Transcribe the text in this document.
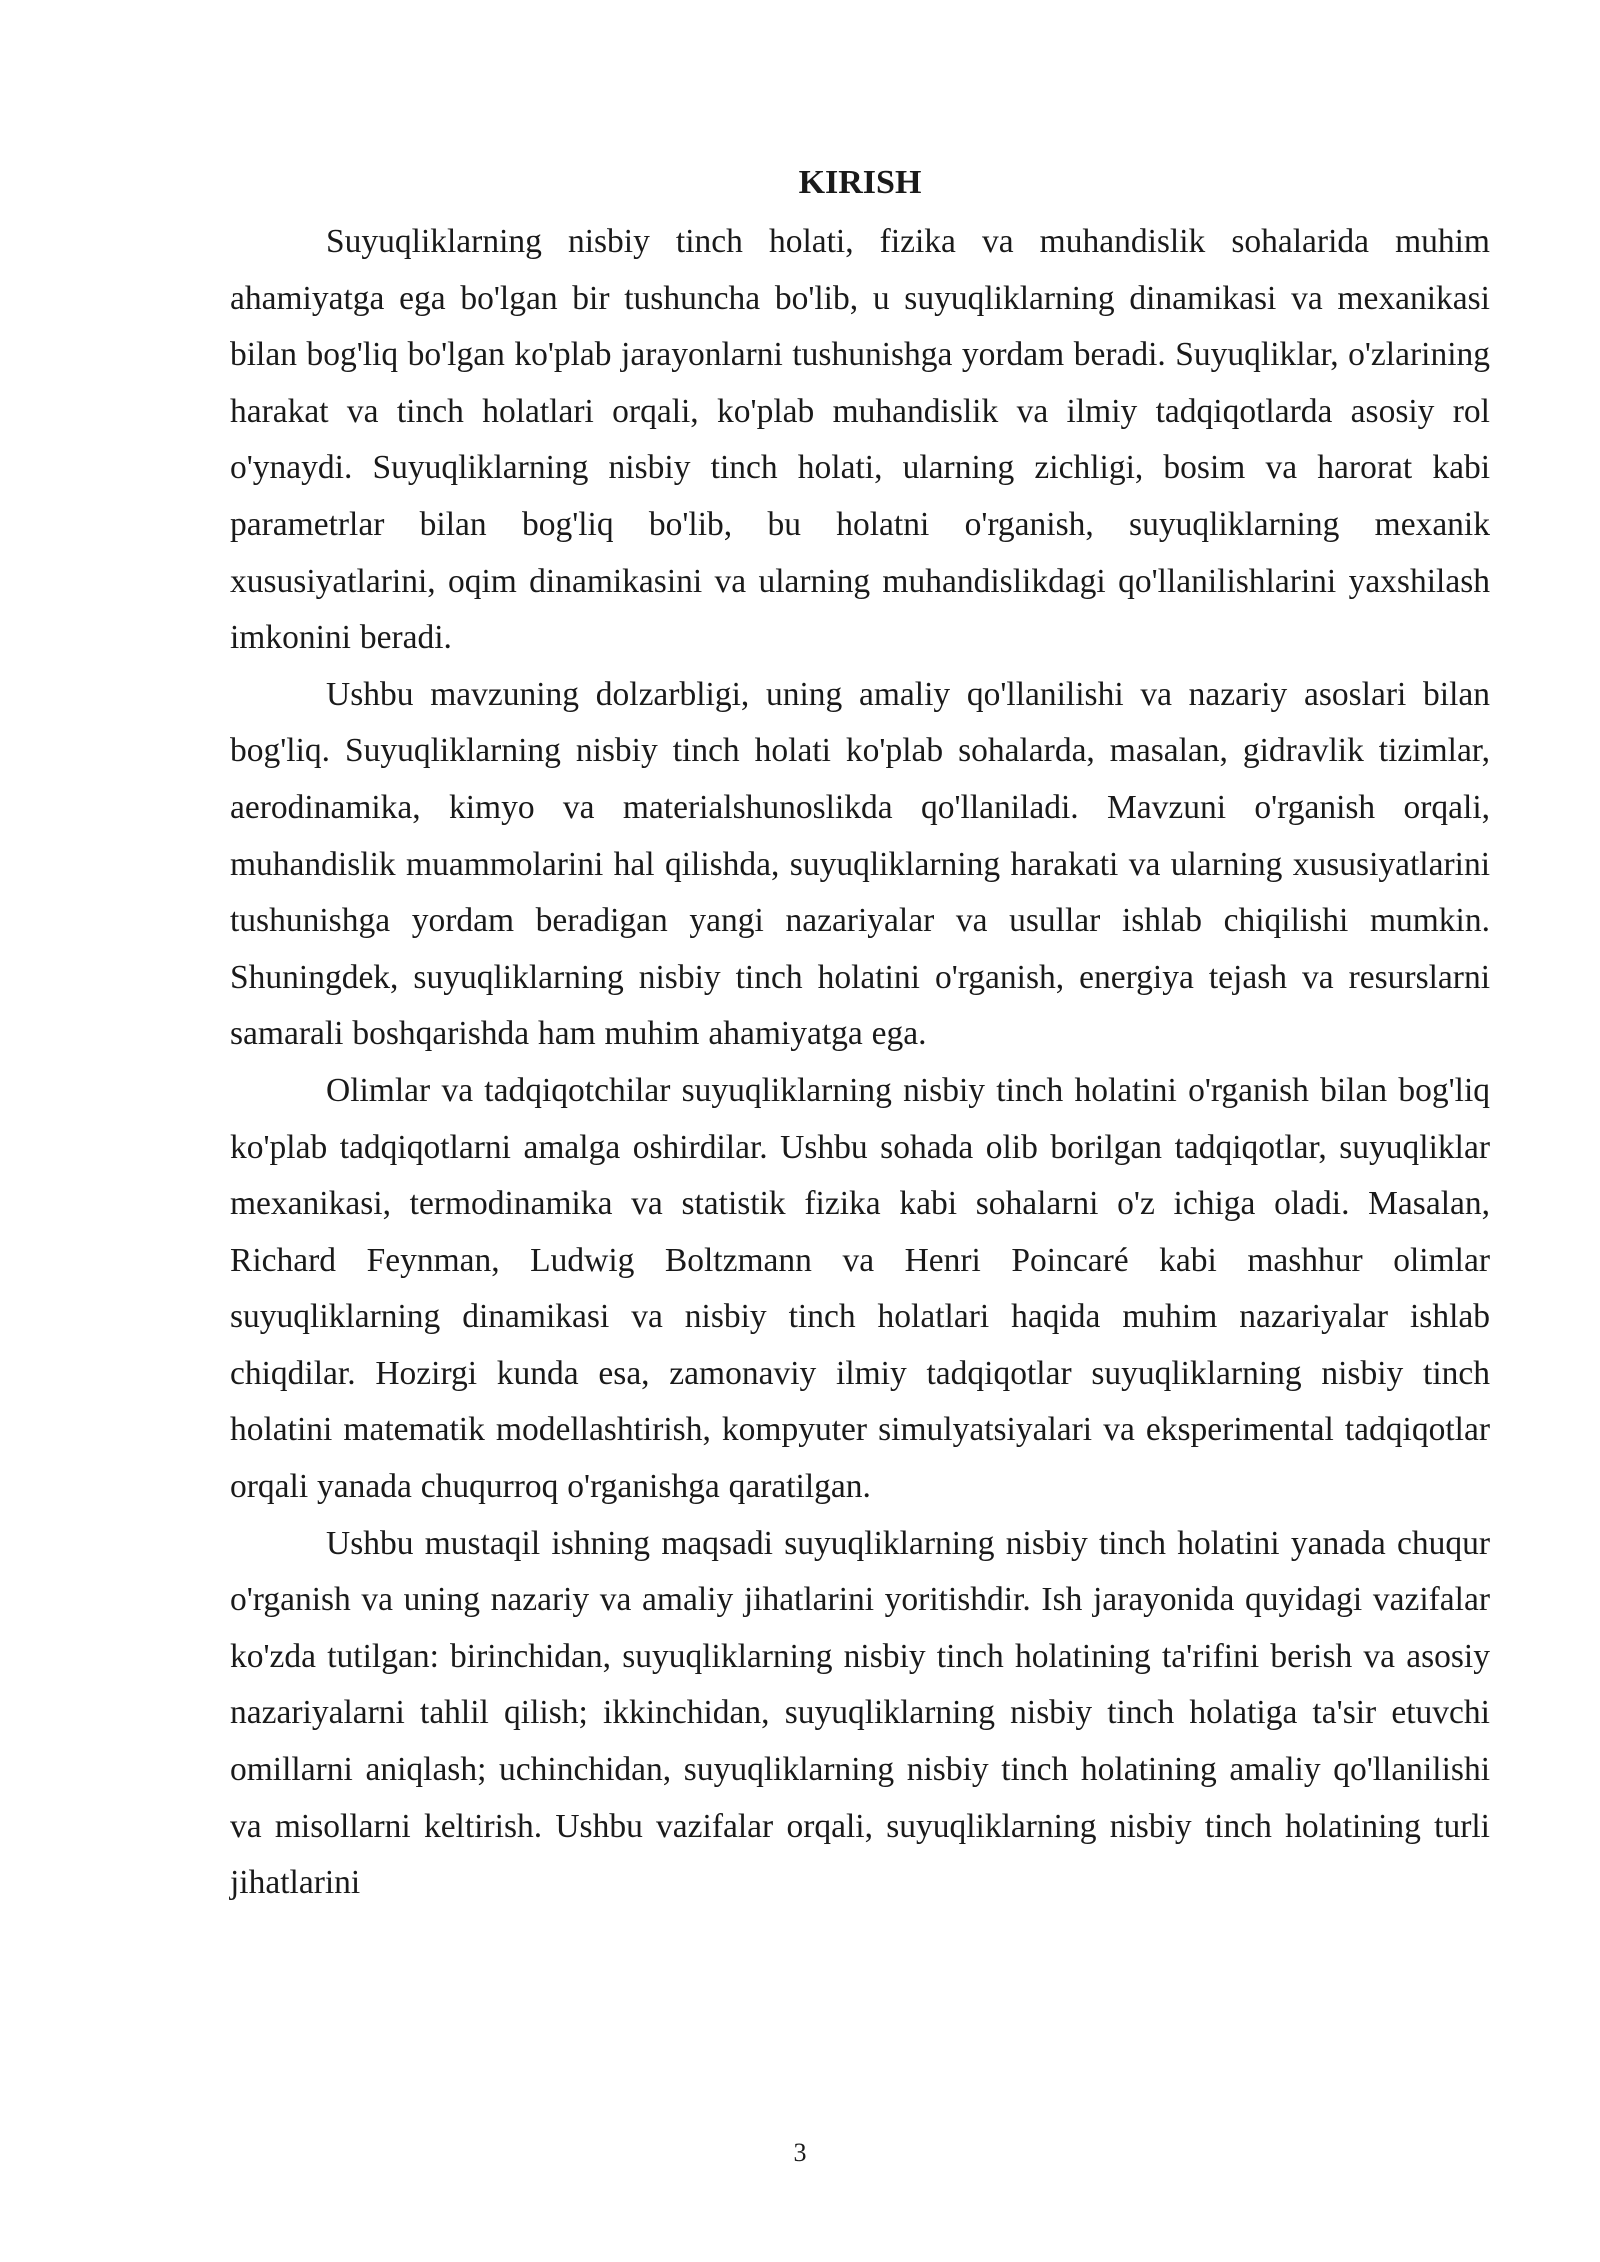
KIRISH

Suyuqliklarning nisbiy tinch holati, fizika va muhandislik sohalarida muhim ahamiyatga ega bo'lgan bir tushuncha bo'lib, u suyuqliklarning dinamikasi va mexanikasi bilan bog'liq bo'lgan ko'plab jarayonlarni tushunishga yordam beradi. Suyuqliklar, o'zlarining harakat va tinch holatlari orqali, ko'plab muhandislik va ilmiy tadqiqotlarda asosiy rol o'ynaydi. Suyuqliklarning nisbiy tinch holati, ularning zichligi, bosim va harorat kabi parametrlar bilan bog'liq bo'lib, bu holatni o'rganish, suyuqliklarning mexanik xususiyatlarini, oqim dinamikasini va ularning muhandislikdagi qo'llanilishlarini yaxshilash imkonini beradi.

Ushbu mavzuning dolzarbligi, uning amaliy qo'llanilishi va nazariy asoslari bilan bog'liq. Suyuqliklarning nisbiy tinch holati ko'plab sohalarda, masalan, gidravlik tizimlar, aerodinamika, kimyo va materialshunoslikda qo'llaniladi. Mavzuni o'rganish orqali, muhandislik muammolarini hal qilishda, suyuqliklarning harakati va ularning xususiyatlarini tushunishga yordam beradigan yangi nazariyalar va usullar ishlab chiqilishi mumkin. Shuningdek, suyuqliklarning nisbiy tinch holatini o'rganish, energiya tejash va resurslarni samarali boshqarishda ham muhim ahamiyatga ega.

Olimlar va tadqiqotchilar suyuqliklarning nisbiy tinch holatini o'rganish bilan bog'liq ko'plab tadqiqotlarni amalga oshirdilar. Ushbu sohada olib borilgan tadqiqotlar, suyuqliklar mexanikasi, termodinamika va statistik fizika kabi sohalarni o'z ichiga oladi. Masalan, Richard Feynman, Ludwig Boltzmann va Henri Poincaré kabi mashhur olimlar suyuqliklarning dinamikasi va nisbiy tinch holatlari haqida muhim nazariyalar ishlab chiqdilar. Hozirgi kunda esa, zamonaviy ilmiy tadqiqotlar suyuqliklarning nisbiy tinch holatini matematik modellashtirish, kompyuter simulyatsiyalari va eksperimental tadqiqotlar orqali yanada chuqurroq o'rganishga qaratilgan.

Ushbu mustaqil ishning maqsadi suyuqliklarning nisbiy tinch holatini yanada chuqur o'rganish va uning nazariy va amaliy jihatlarini yoritishdir. Ish jarayonida quyidagi vazifalar ko'zda tutilgan: birinchidan, suyuqliklarning nisbiy tinch holatining ta'rifini berish va asosiy nazariyalarni tahlil qilish; ikkinchidan, suyuqliklarning nisbiy tinch holatiga ta'sir etuvchi omillarni aniqlash; uchinchidan, suyuqliklarning nisbiy tinch holatining amaliy qo'llanilishi va misollarni keltirish. Ushbu vazifalar orqali, suyuqliklarning nisbiy tinch holatining turli jihatlarini

3
